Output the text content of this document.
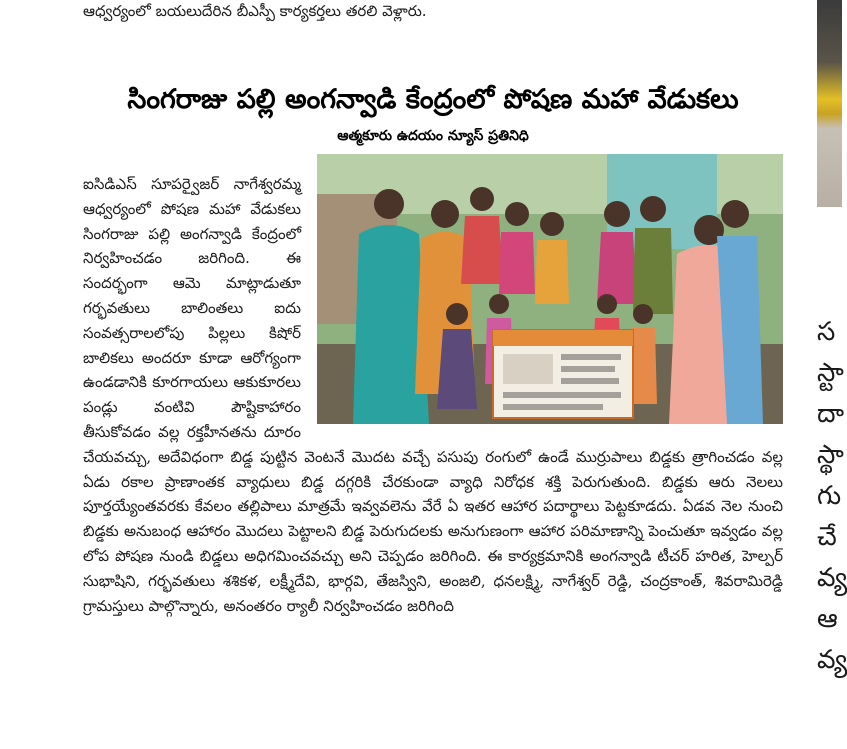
ఆధ్వర్యంలో బయలుదేరిన బీఎస్పీ కార్యకర్తలు తరలి వెళ్లారు.
సింగరాజు పల్లి అంగన్వాడి కేంద్రంలో పోషణ మహా వేడుకలు
ఆత్మకూరు ఉదయం న్యూస్ ప్రతినిధి
ఐసిడిఎస్ సూపర్వైజర్ నాగేశ్వరమ్మ ఆధ్వర్యంలో పోషణ మహా వేడుకలు సింగరాజు పల్లి అంగన్వాడి కేంద్రంలో నిర్వహించడం జరిగింది. ఈ సందర్భంగా ఆమె మాట్లాడుతూ గర్భవతులు బాలింతలు ఐదు సంవత్సరాలలోపు పిల్లలు కిషోర్ బాలికలు అందరూ కూడా ఆరోగ్యంగా ఉండడానికి కూరగాయలు ఆకుకూరలు పండ్లు వంటివి పౌష్టికాహారం తీసుకోవడం వల్ల రక్తహీనతను దూరం చేయవచ్చు, అదేవిధంగా బిడ్డ పుట్టిన వెంటనే మొదట వచ్చే పసుపు రంగులో ఉండే ముర్రుపాలు బిడ్డకు త్రాగించడం వల్ల ఏడు రకాల ప్రాణాంతక వ్యాధులు బిడ్డ దగ్గరికి చేరకుండా వ్యాధి నిరోధక శక్తి పెరుగుతుంది. బిడ్డకు ఆరు నెలలు పూర్తయ్యేంతవరకు కేవలం తల్లిపాలు మాత్రమే ఇవ్వవలెను వేరే ఏ ఇతర ఆహార పదార్థాలు పెట్టకూడదు. ఏడవ నెల నుంచి బిడ్డకు అనుబంధ ఆహారం మొదలు పెట్టాలని బిడ్డ పెరుగుదలకు అనుగుణంగా ఆహార పరిమాణాన్ని పెంచుతూ ఇవ్వడం వల్ల లోప పోషణ నుండి బిడ్డలు అధిగమించవచ్చు అని చెప్పడం జరిగింది. ఈ కార్యక్రమానికి అంగన్వాడి టీచర్ హరిత, హెల్పర్ సుభాషిని, గర్భవతులు శశికళ, లక్ష్మీదేవి, భార్గవి, తేజస్విని, అంజలి, ధనలక్ష్మి, నాగేశ్వర్ రెడ్డి, చంద్రకాంత్, శివరామిరెడ్డి గ్రామస్తులు పాల్గొన్నారు, అనంతరం ర్యాలీ నిర్వహించడం జరిగింది
స
స్టా
దా
స్థా
గు
చే
వ్య
ఆ
వ్య
